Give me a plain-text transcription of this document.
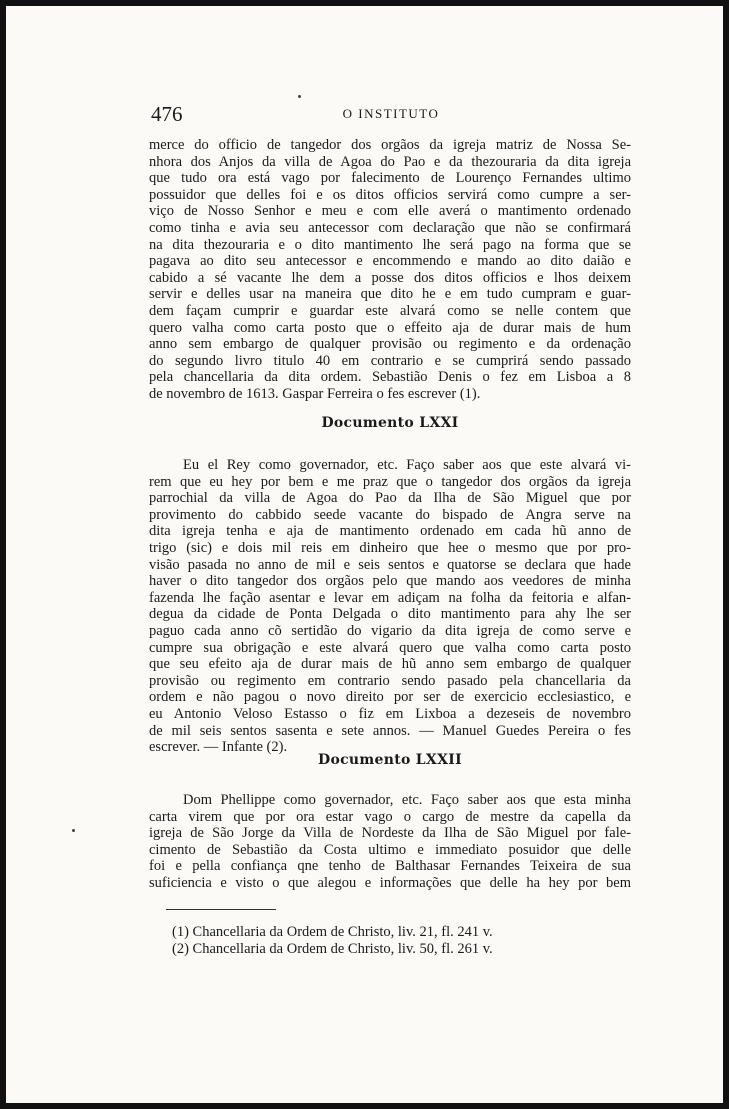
476	O INSTITUTO
merce do officio de tangedor dos orgãos da igreja matriz de Nossa Se-
nhora dos Anjos da villa de Agoa do Pao e da thezouraria da dita igreja
que tudo ora está vago por falecimento de Lourenço Fernandes ultimo
possuidor que delles foi e os ditos officios servirá como cumpre a ser-
viço de Nosso Senhor e meu e com elle averá o mantimento ordenado
como tinha e avia seu antecessor com declaração que não se confirmará
na dita thezouraria e o dito mantimento lhe será pago na forma que se
pagava ao dito seu antecessor e encommendo e mando ao dito daião e
cabido a sé vacante lhe dem a posse dos ditos officios e lhos deixem
servir e delles usar na maneira que dito he e em tudo cumpram e guar-
dem façam cumprir e guardar este alvará como se nelle contem que
quero valha como carta posto que o effeito aja de durar mais de hum
anno sem embargo de qualquer provisão ou regimento e da ordenação
do segundo livro titulo 40 em contrario e se cumprirá sendo passado
pela chancellaria da dita ordem. Sebastião Denis o fez em Lisboa a 8
de novembro de 1613. Gaspar Ferreira o fes escrever (1).
Documento LXXI
Eu el Rey como governador, etc. Faço saber aos que este alvará vi-
rem que eu hey por bem e me praz que o tangedor dos orgãos da igreja
parrochial da villa de Agoa do Pao da Ilha de São Miguel que por
provimento do cabbido seede vacante do bispado de Angra serve na
dita igreja tenha e aja de mantimento ordenado em cada hũ anno de
trigo (sic) e dois mil reis em dinheiro que hee o mesmo que por pro-
visão pasada no anno de mil e seis sentos e quatorse se declara que hade
haver o dito tangedor dos orgãos pelo que mando aos veedores de minha
fazenda lhe fação asentar e levar em adiçam na folha da feitoria e alfan-
degua da cidade de Ponta Delgada o dito mantimento para ahy lhe ser
paguo cada anno cõ sertidão do vigario da dita igreja de como serve e
cumpre sua obrigação e este alvará quero que valha como carta posto
que seu efeito aja de durar mais de hũ anno sem embargo de qualquer
provisão ou regimento em contrario sendo pasado pela chancellaria da
ordem e não pagou o novo direito por ser de exercicio ecclesiastico, e
eu Antonio Veloso Estasso o fiz em Lixboa a dezeseis de novembro
de mil seis sentos sasenta e sete annos. — Manuel Guedes Pereira o fes
escrever. — Infante (2).
Documento LXXII
Dom Phellippe como governador, etc. Faço saber aos que esta minha
carta virem que por ora estar vago o cargo de mestre da capella da
igreja de São Jorge da Villa de Nordeste da Ilha de São Miguel por fale-
cimento de Sebastião da Costa ultimo e immediato posuidor que delle
foi e pella confiança qne tenho de Balthasar Fernandes Teixeira de sua
suficiencia e visto o que alegou e informações que delle ha hey por bem
(1) Chancellaria da Ordem de Christo, liv. 21, fl. 241 v.
(2) Chancellaria da Ordem de Christo, liv. 50, fl. 261 v.
